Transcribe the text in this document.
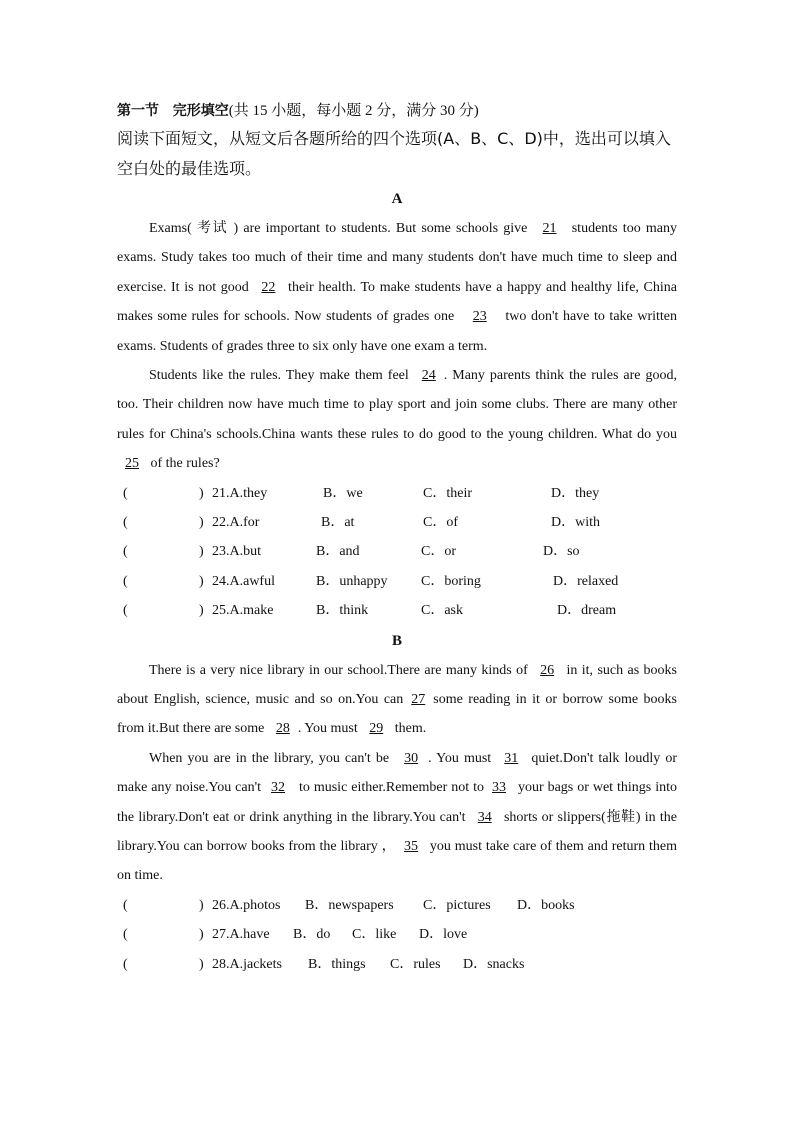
第一节 完形填空(共 15 小题，每小题 2 分，满分 30 分)

阅读下面短文，从短文后各题所给的四个选项(A、B、C、D)中，选出可以填入空白处的最佳选项。

A

Exams( 考试 ) are important to students. But some schools give 21 students too many exams. Study takes too much of their time and many students don't have much time to sleep and exercise. It is not good 22 their health. To make students have a happy and healthy life, China makes some rules for schools. Now students of grades one 23 two don't have to take written exams. Students of grades three to six only have one exam a term.

Students like the rules. They make them feel 24 . Many parents think the rules are good, too. Their children now have much time to play sport and join some clubs. There are many other rules for China's schools.China wants these rules to do good to the young children. What do you 25 of the rules?

(	) 21.A.they	B．we	C．their	D．they
(	) 22.A.for	B．at	C．of	D．with
(	) 23.A.but	B．and	C．or	D．so
(	) 24.A.awful	B．unhappy C．boring	D．relaxed
(	) 25.A.make	B．think	C．ask	D．dream

B

There is a very nice library in our school.There are many kinds of 26 in it, such as books about English, science, music and so on.You can 27 some reading in it or borrow some books from it.But there are some 28 . You must 29 them.

When you are in the library, you can't be 30 . You must 31 quiet.Don't talk loudly or make any noise.You can't 32 to music either.Remember not to 33 your bags or wet things into the library.Don't eat or drink anything in the library.You can't 34 shorts or slippers(拖鞋) in the library.You can borrow books from the library ， 35 you must take care of them and return them on time.

(	) 26.A.photos B．newspapers C．pictures D．books
(	) 27.A.have B．do C．like D．love
(	) 28.A.jackets B．things C．rules D．snacks
